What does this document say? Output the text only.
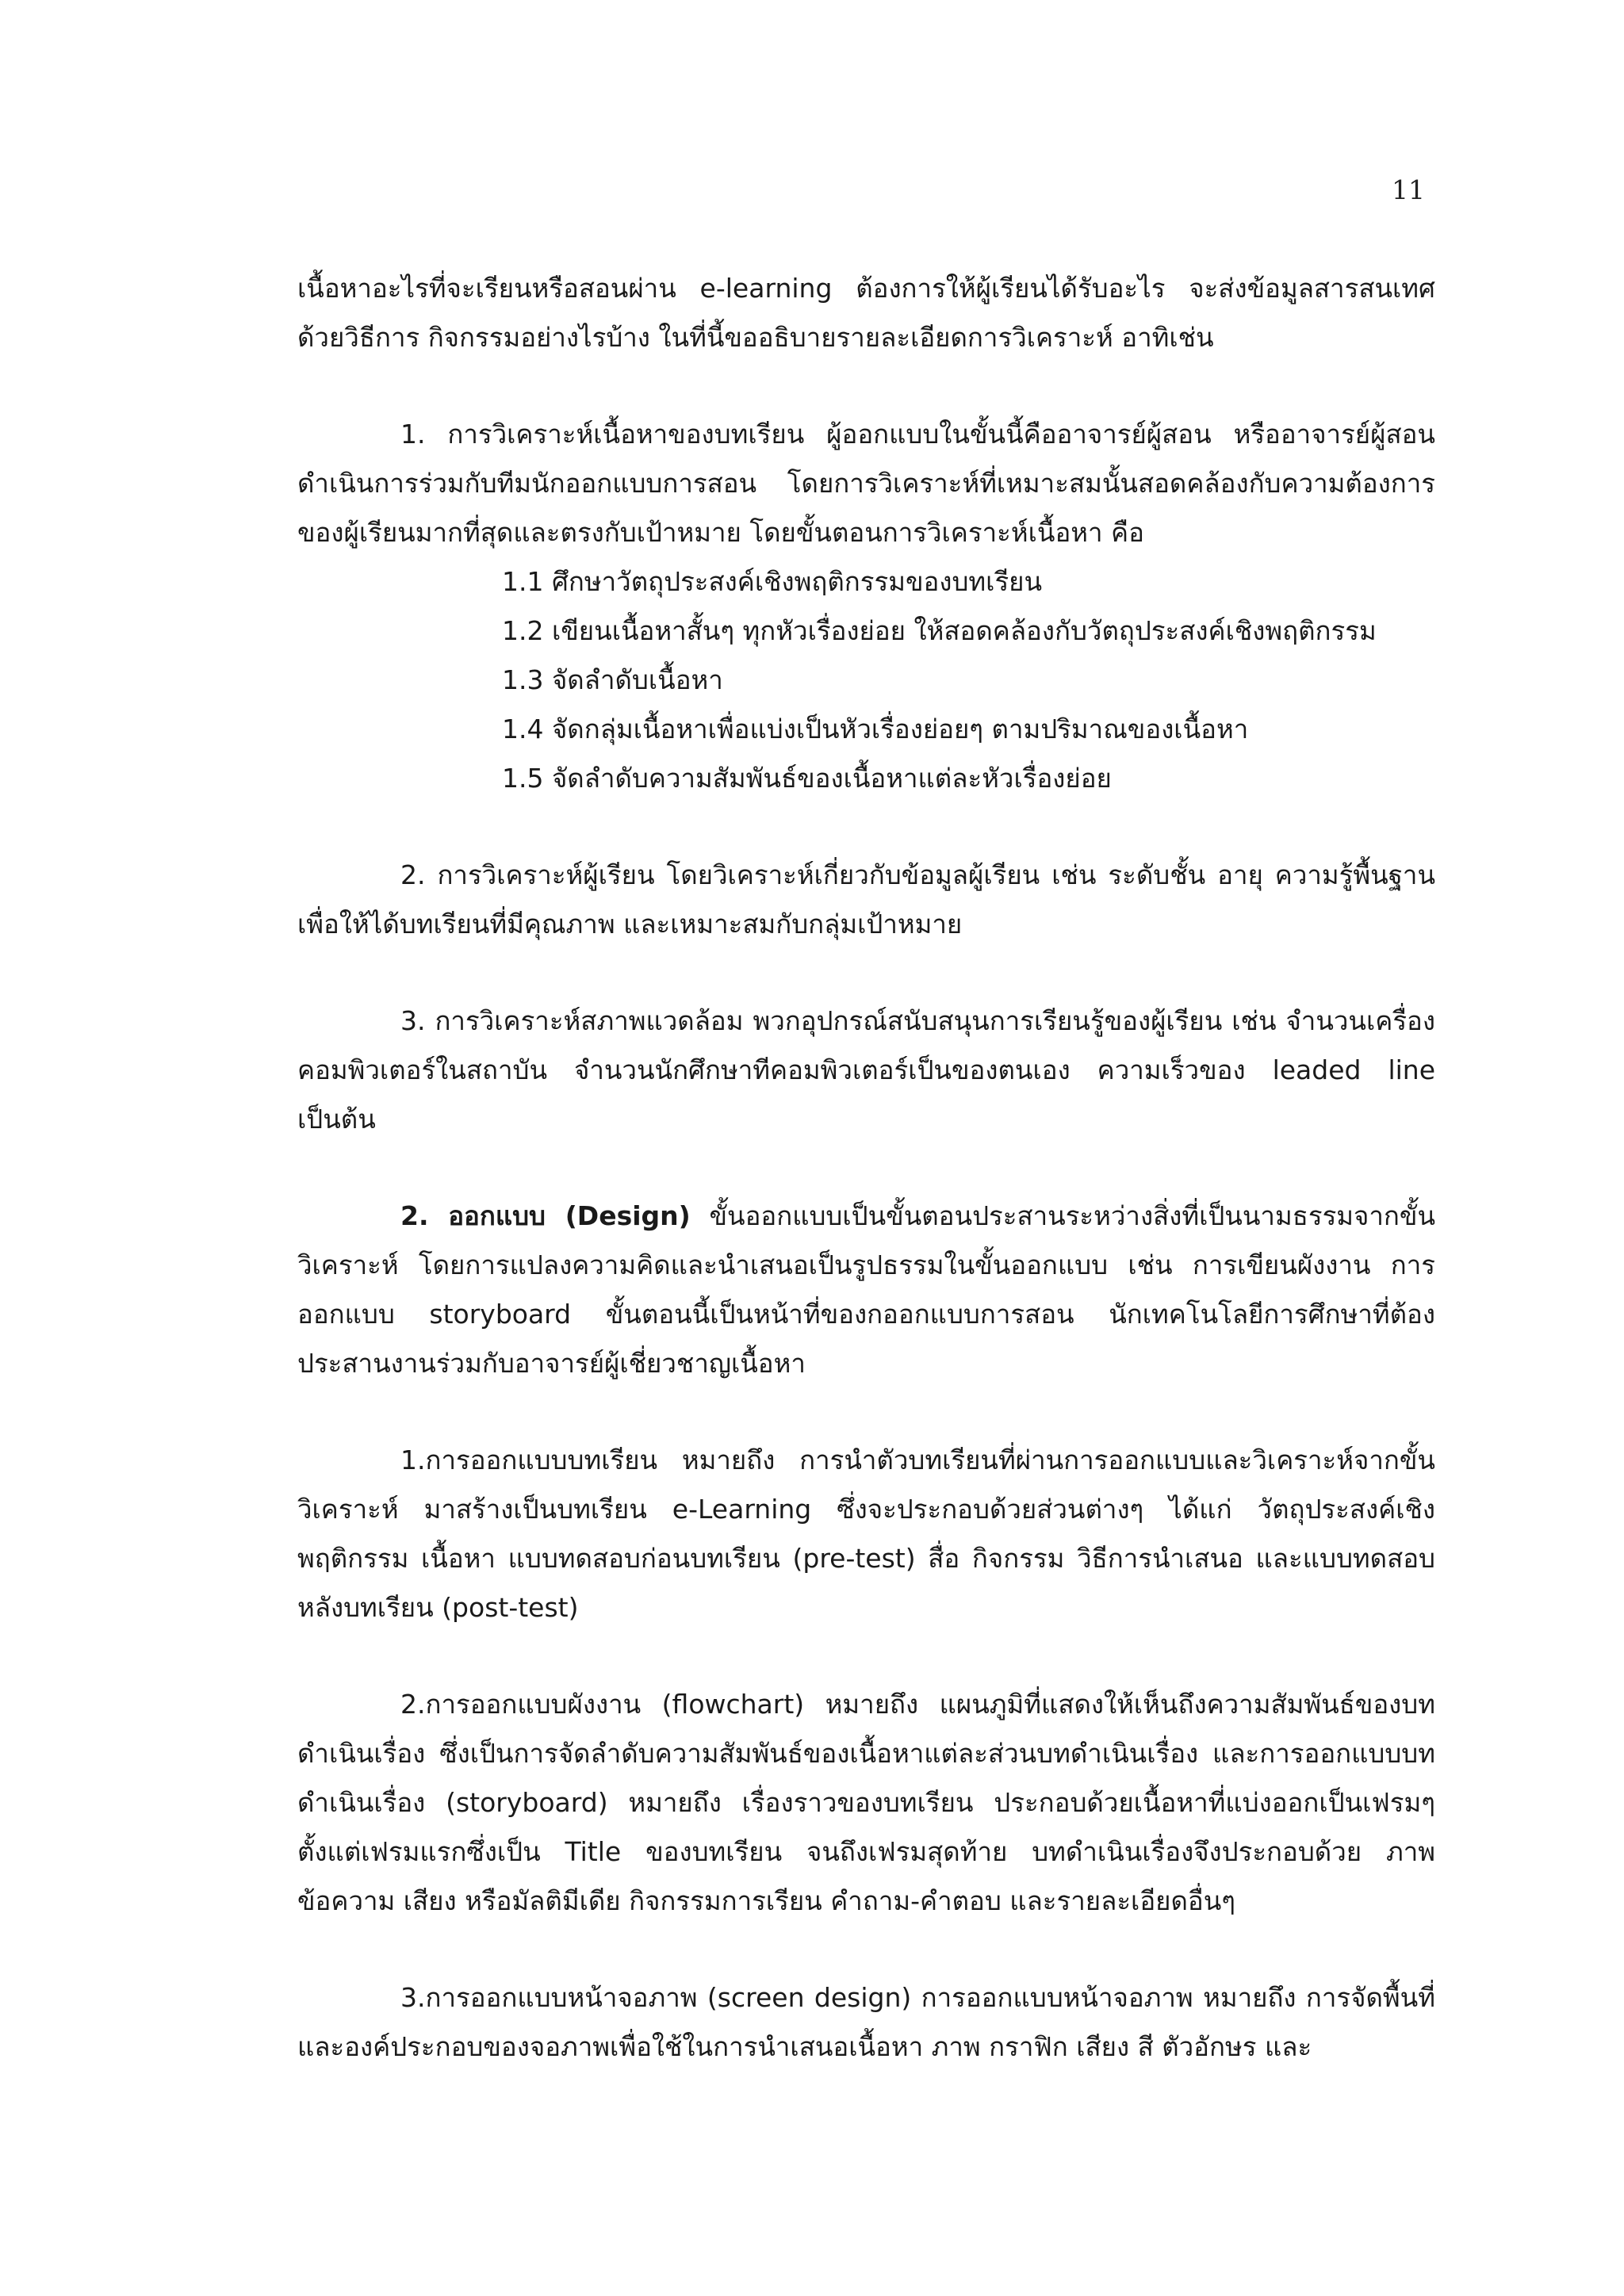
11

เนื้อหาอะไรที่จะเรียนหรือสอนผ่าน e-learning ต้องการให้ผู้เรียนได้รับอะไร จะส่งข้อมูลสารสนเทศด้วยวิธีการ กิจกรรมอย่างไรบ้าง ในที่นี้ขออธิบายรายละเอียดการวิเคราะห์ อาทิเช่น

1. การวิเคราะห์เนื้อหาของบทเรียน ผู้ออกแบบในขั้นนี้คืออาจารย์ผู้สอน หรืออาจารย์ผู้สอนดำเนินการร่วมกับทีมนักออกแบบการสอน โดยการวิเคราะห์ที่เหมาะสมนั้นสอดคล้องกับความต้องการของผู้เรียนมากที่สุดและตรงกับเป้าหมาย โดยขั้นตอนการวิเคราะห์เนื้อหา คือ

1.1 ศึกษาวัตถุประสงค์เชิงพฤติกรรมของบทเรียน
1.2 เขียนเนื้อหาสั้นๆ ทุกหัวเรื่องย่อย ให้สอดคล้องกับวัตถุประสงค์เชิงพฤติกรรม
1.3 จัดลำดับเนื้อหา
1.4 จัดกลุ่มเนื้อหาเพื่อแบ่งเป็นหัวเรื่องย่อยๆ ตามปริมาณของเนื้อหา
1.5 จัดลำดับความสัมพันธ์ของเนื้อหาแต่ละหัวเรื่องย่อย

2. การวิเคราะห์ผู้เรียน โดยวิเคราะห์เกี่ยวกับข้อมูลผู้เรียน เช่น ระดับชั้น อายุ ความรู้พื้นฐาน เพื่อให้ได้บทเรียนที่มีคุณภาพ และเหมาะสมกับกลุ่มเป้าหมาย

3. การวิเคราะห์สภาพแวดล้อม พวกอุปกรณ์สนับสนุนการเรียนรู้ของผู้เรียน เช่น จำนวนเครื่องคอมพิวเตอร์ในสถาบัน จำนวนนักศึกษาทีคอมพิวเตอร์เป็นของตนเอง ความเร็วของ leaded line เป็นต้น

2. ออกแบบ (Design) ขั้นออกแบบเป็นขั้นตอนประสานระหว่างสิ่งที่เป็นนามธรรมจากขั้นวิเคราะห์ โดยการแปลงความคิดและนำเสนอเป็นรูปธรรมในขั้นออกแบบ เช่น การเขียนผังงาน การออกแบบ storyboard ขั้นตอนนี้เป็นหน้าที่ของกออกแบบการสอน นักเทคโนโลยีการศึกษาที่ต้องประสานงานร่วมกับอาจารย์ผู้เชี่ยวชาญเนื้อหา

1.การออกแบบบทเรียน หมายถึง การนำตัวบทเรียนที่ผ่านการออกแบบและวิเคราะห์จากขั้นวิเคราะห์ มาสร้างเป็นบทเรียน e-Learning ซึ่งจะประกอบด้วยส่วนต่างๆ ได้แก่ วัตถุประสงค์เชิงพฤติกรรม เนื้อหา แบบทดสอบก่อนบทเรียน (pre-test) สื่อ กิจกรรม วิธีการนำเสนอ และแบบทดสอบหลังบทเรียน (post-test)

2.การออกแบบผังงาน (flowchart) หมายถึง แผนภูมิที่แสดงให้เห็นถึงความสัมพันธ์ของบทดำเนินเรื่อง ซึ่งเป็นการจัดลำดับความสัมพันธ์ของเนื้อหาแต่ละส่วนบทดำเนินเรื่อง และการออกแบบบทดำเนินเรื่อง (storyboard) หมายถึง เรื่องราวของบทเรียน ประกอบด้วยเนื้อหาที่แบ่งออกเป็นเฟรมๆ ตั้งแต่เฟรมแรกซึ่งเป็น Title ของบทเรียน จนถึงเฟรมสุดท้าย บทดำเนินเรื่องจึงประกอบด้วย ภาพ ข้อความ เสียง หรือมัลติมีเดีย กิจกรรมการเรียน คำถาม-คำตอบ และรายละเอียดอื่นๆ

3.การออกแบบหน้าจอภาพ (screen design) การออกแบบหน้าจอภาพ หมายถึง การจัดพื้นที่และองค์ประกอบของจอภาพเพื่อใช้ในการนำเสนอเนื้อหา ภาพ กราฟิก เสียง สี ตัวอักษร และ
